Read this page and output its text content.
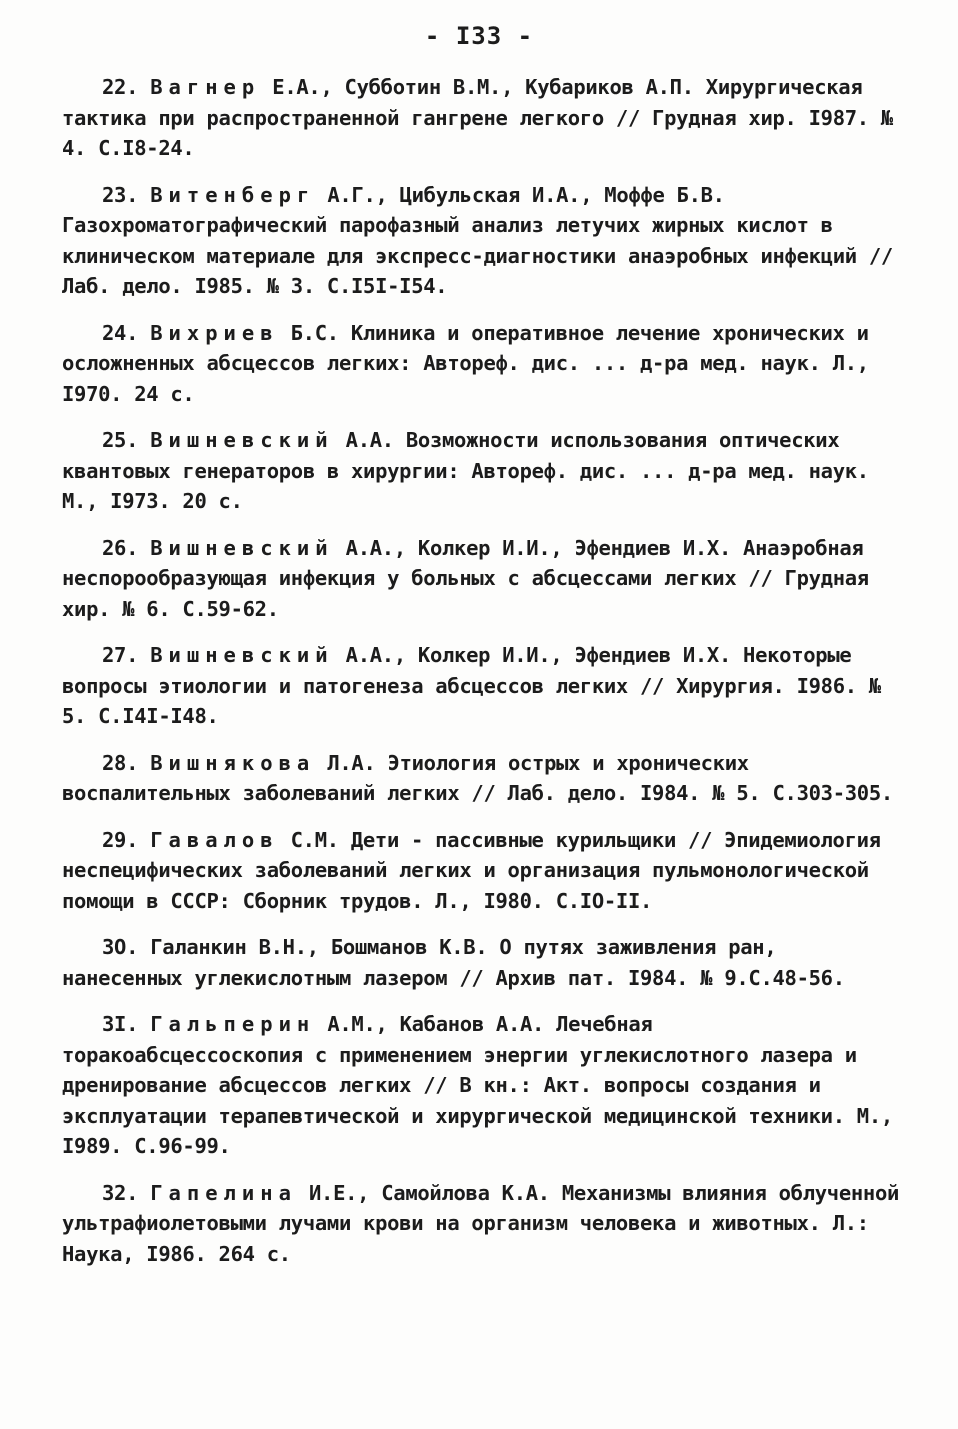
- I33 -

22. Вагнер Е.А., Субботин В.М., Кубариков А.П. Хирургическая тактика при распространенной гангрене легкого // Грудная хир. I987. № 4. С.I8-24.

23. Витенберг А.Г., Цибульская И.А., Моффе Б.В. Газохроматографический парофазный анализ летучих жирных кислот в клиническом материале для экспресс-диагностики анаэробных инфекций // Лаб. дело. I985. № 3. С.I5I-I54.

24. Вихриев Б.С. Клиника и оперативное лечение хронических и осложненных абсцессов легких: Автореф. дис. ... д-ра мед. наук. Л., I970. 24 с.

25. Вишневский А.А. Возможности использования оптических квантовых генераторов в хирургии: Автореф. дис. ... д-ра мед. наук. М., I973. 20 с.

26. Вишневский А.А., Колкер И.И., Эфендиев И.Х. Анаэробная неспорообразующая инфекция у больных с абсцессами легких // Грудная хир. № 6. С.59-62.

27. Вишневский А.А., Колкер И.И., Эфендиев И.Х. Некоторые вопросы этиологии и патогенеза абсцессов легких // Хирургия. I986. № 5. С.I4I-I48.

28. Вишнякова Л.А. Этиология острых и хронических воспалительных заболеваний легких // Лаб. дело. I984. № 5. С.303-305.

29. Гавалов С.М. Дети - пассивные курильщики // Эпидемиология неспецифических заболеваний легких и организация пульмонологической помощи в СССР: Сборник трудов. Л., I980. С.IO-II.

3О. Галанкин В.Н., Бошманов К.В. О путях заживления ран, нанесенных углекислотным лазером // Архив пат. I984. № 9.С.48-56.

3I. Гальперин А.М., Кабанов А.А. Лечебная торакоабсцессоскопия с применением энергии углекислотного лазера и дренирование абсцессов легких // В кн.: Акт. вопросы создания и эксплуатации терапевтической и хирургической медицинской техники. М., I989. С.96-99.

32. Гапелина И.Е., Самойлова К.А. Механизмы влияния облученной ультрафиолетовыми лучами крови на организм человека и животных. Л.: Наука, I986. 264 с.
